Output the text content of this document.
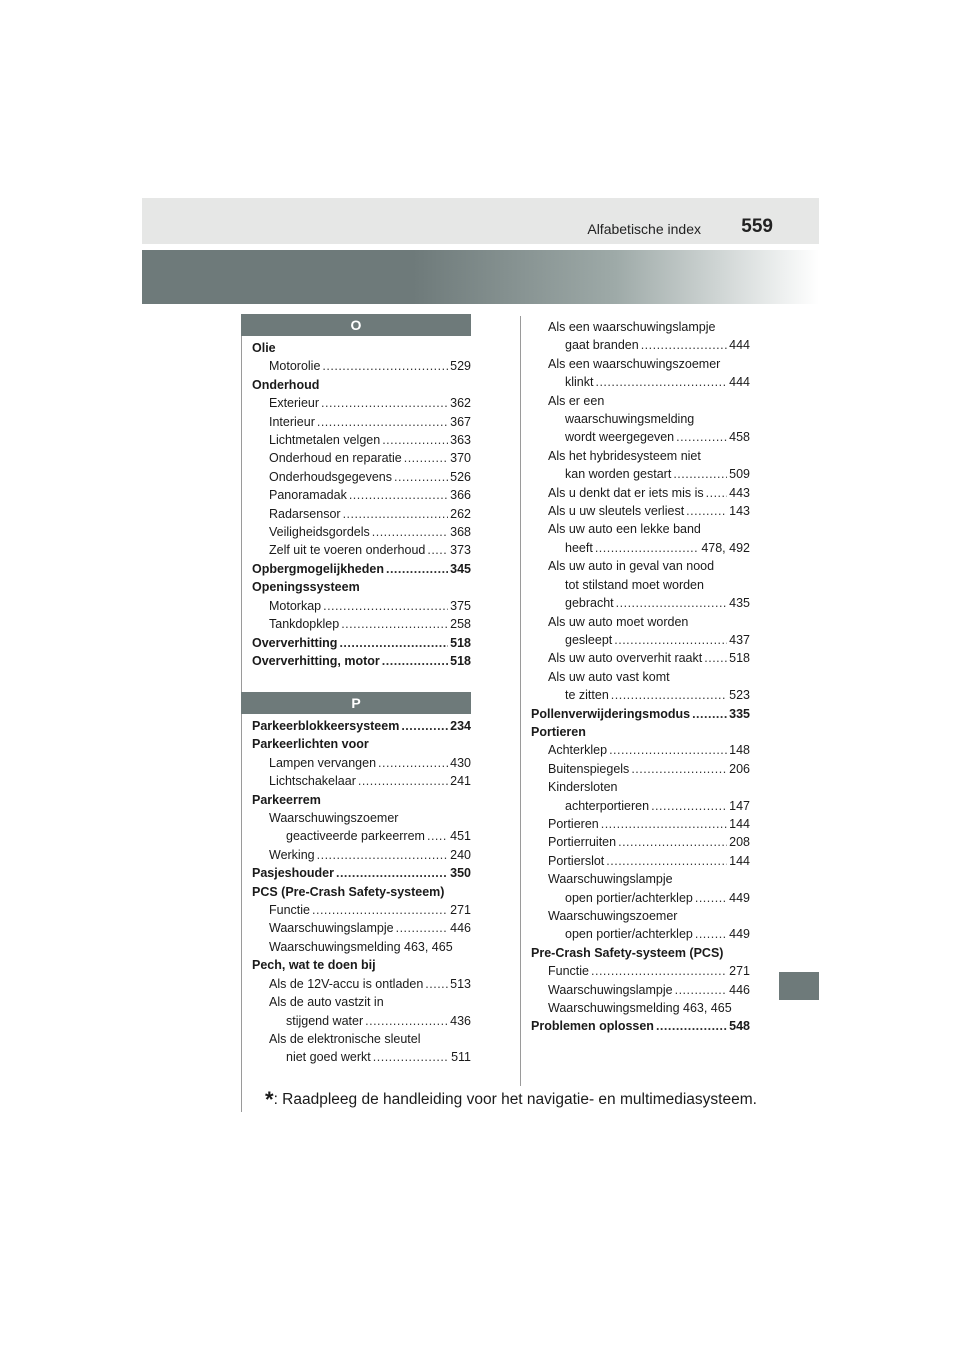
Alfabetische index 559
O
Olie
Motorolie .....	529
Onderhoud
Exterieur .....	362
Interieur .....	367
Lichtmetalen velgen .....	363
Onderhoud en reparatie .....	370
Onderhoudsgegevens .....	526
Panoramadak .....	366
Radarsensor .....	262
Veiligheidsgordels .....	368
Zelf uit te voeren onderhoud ..... 373
Opbergmogelijkheden .....	345
Openingssysteem
Motorkap .....	375
Tankdopklep .....	258
Oververhitting .....	518
Oververhitting, motor .....	518
P
Parkeerblokkeersysteem .....	234
Parkeerlichten voor
Lampen vervangen .....	430
Lichtschakelaar .....	241
Parkeerrem
Waarschuwingszoemer
geactiveerde parkeerrem ..... 451
Werking .....	240
Pasjeshouder .....	350
PCS (Pre-Crash Safety-systeem)
Functie .....	271
Waarschuwingslampje .....	446
Waarschuwingsmelding 463, 465
Pech, wat te doen bij
Als de 12V-accu is ontladen ..... 513
Als de auto vastzit in
stijgend water .....	436
Als de elektronische sleutel
niet goed werkt .....	511
Als een waarschuwingslampje
gaat branden .....	444
Als een waarschuwingszoemer
klinkt .....	444
Als er een
waarschuwingsmelding
wordt weergegeven .....	458
Als het hybridesysteem niet
kan worden gestart .....	509
Als u denkt dat er iets mis is ..... 443
Als u uw sleutels verliest .....	143
Als uw auto een lekke band
heeft .....	478, 492
Als uw auto in geval van nood
tot stilstand moet worden
gebracht .....	435
Als uw auto moet worden
gesleept .....	437
Als uw auto oververhit raakt ..... 518
Als uw auto vast komt
te zitten .....	523
Pollenverwijderingsmodus .....	335
Portieren
Achterklep .....	148
Buitenspiegels .....	206
Kindersloten
achterportieren .....	147
Portieren .....	144
Portierruiten .....	208
Portierslot .....	144
Waarschuwingslampje
open portier/achterklep .....	449
Waarschuwingszoemer
open portier/achterklep .....	449
Pre-Crash Safety-systeem (PCS)
Functie .....	271
Waarschuwingslampje .....	446
Waarschuwingsmelding 463, 465
Problemen oplossen .....	548
*: Raadpleeg de handleiding voor het navigatie- en multimediasysteem.
